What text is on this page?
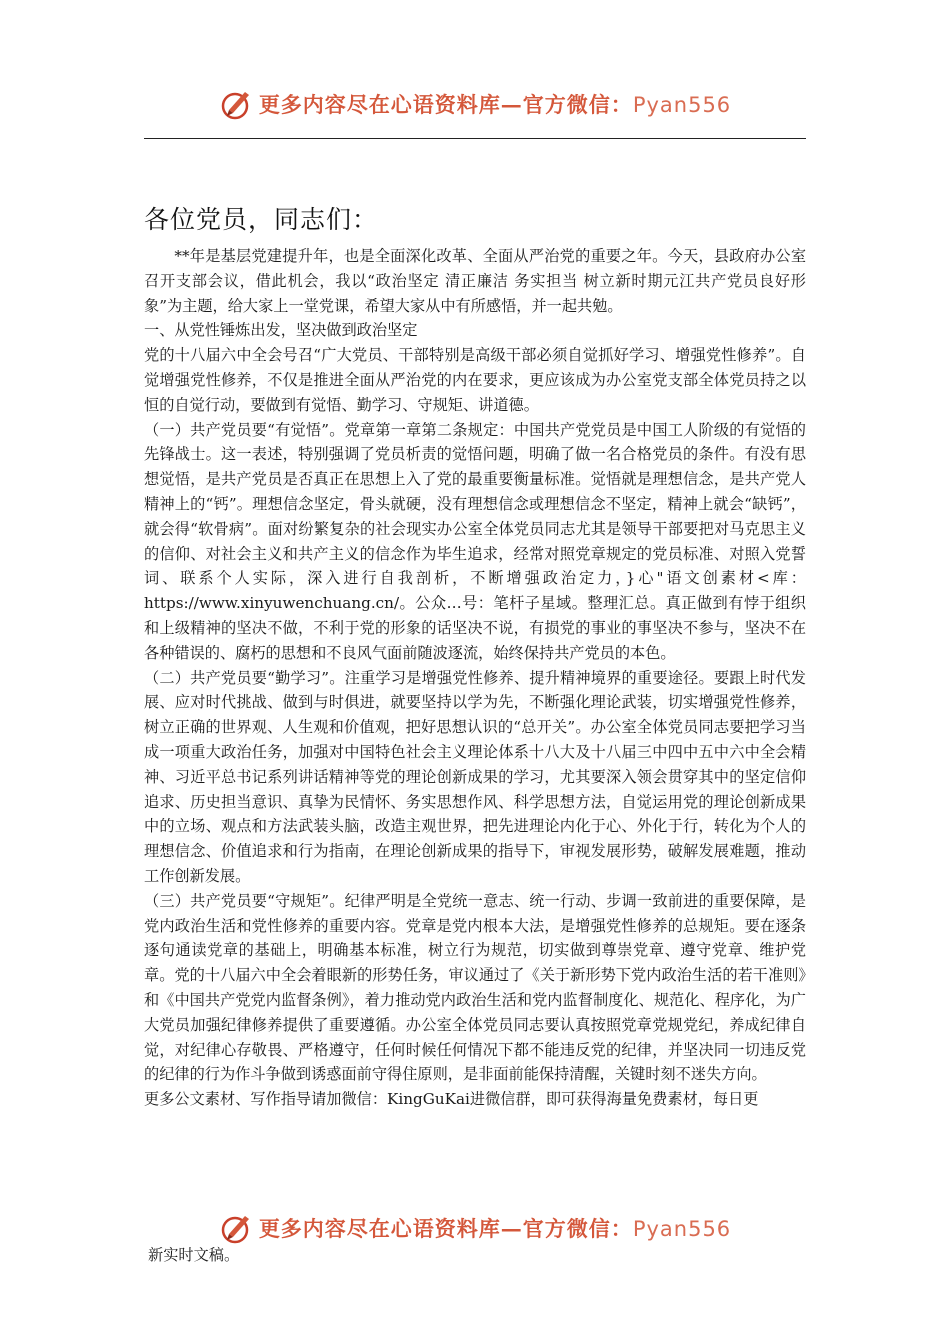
更多内容尽在心语资料库—官方微信：Pyan556
各位党员，同志们：

**年是基层党建提升年，也是全面深化改革、全面从严治党的重要之年。今天，县政府办公室召开支部会议，借此机会，我以“政治坚定 清正廉洁 务实担当 树立新时期元江共产党员良好形象”为主题，给大家上一堂党课，希望大家从中有所感悟，并一起共勉。

一、从党性锤炼出发，坚决做到政治坚定

党的十八届六中全会号召“广大党员、干部特别是高级干部必须自觉抓好学习、增强党性修养”。自觉增强党性修养，不仅是推进全面从严治党的内在要求，更应该成为办公室党支部全体党员持之以恒的自觉行动，要做到有觉悟、勤学习、守规矩、讲道德。

（一）共产党员要“有觉悟”。党章第一章第二条规定：中国共产党党员是中国工人阶级的有觉悟的先锋战士。这一表述，特别强调了党员析责的觉悟问题，明确了做一名合格党员的条件。有没有思想觉悟，是共产党员是否真正在思想上入了党的最重要衡量标准。觉悟就是理想信念，是共产党人精神上的“钙”。理想信念坚定，骨头就硬，没有理想信念或理想信念不坚定，精神上就会“缺钙”，就会得“软骨病”。面对纷繁复杂的社会现实办公室全体党员同志尤其是领导干部要把对马克思主义的信仰、对社会主义和共产主义的信念作为毕生追求，经常对照党章规定的党员标准、对照入党誓词、联系个人实际，深入进行自我剖析，不断增强政治定力，}心"语文创素材<库：https://www.xinyuwenchuang.cn/。公众…号：笔杆子星域。整理汇总。真正做到有悖于组织和上级精神的坚决不做，不利于党的形象的话坚决不说，有损党的事业的事坚决不参与，坚决不在各种错误的、腐朽的思想和不良风气面前随波逐流，始终保持共产党员的本色。

（二）共产党员要“勤学习”。注重学习是增强党性修养、提升精神境界的重要途径。要跟上时代发展、应对时代挑战、做到与时俱进，就要坚持以学为先，不断强化理论武装，切实增强党性修养，树立正确的世界观、人生观和价值观，把好思想认识的“总开关”。办公室全体党员同志要把学习当成一项重大政治任务，加强对中国特色社会主义理论体系十八大及十八届三中四中五中六中全会精神、习近平总书记系列讲话精神等党的理论创新成果的学习，尤其要深入领会贯穿其中的坚定信仰追求、历史担当意识、真挚为民情怀、务实思想作风、科学思想方法，自觉运用党的理论创新成果中的立场、观点和方法武装头脑，改造主观世界，把先进理论内化于心、外化于行，转化为个人的理想信念、价值追求和行为指南，在理论创新成果的指导下，审视发展形势，破解发展难题，推动工作创新发展。

（三）共产党员要“守规矩”。纪律严明是全党统一意志、统一行动、步调一致前进的重要保障，是党内政治生活和党性修养的重要内容。党章是党内根本大法，是增强党性修养的总规矩。要在逐条逐句通读党章的基础上，明确基本标准，树立行为规范，切实做到尊崇党章、遵守党章、维护党章。党的十八届六中全会着眼新的形势任务，审议通过了《关于新形势下党内政治生活的若干准则》和《中国共产党党内监督条例》，着力推动党内政治生活和党内监督制度化、规范化、程序化，为广大党员加强纪律修养提供了重要遵循。办公室全体党员同志要认真按照党章党规党纪，养成纪律自觉，对纪律心存敬畏、严格遵守，任何时候任何情况下都不能违反党的纪律，并坚决同一切违反党的纪律的行为作斗争做到诱惑面前守得住原则，是非面前能保持清醒，关键时刻不迷失方向。

更多公文素材、写作指导请加微信：KingGuKai进微信群，即可获得海量免费素材，每日更

更多内容尽在心语资料库—官方微信：Pyan556
新实时文稿。
